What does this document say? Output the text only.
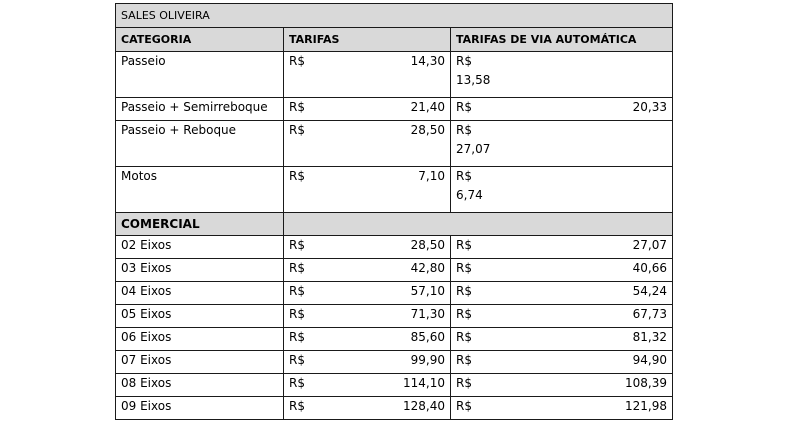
SALES OLIVEIRA		
CATEGORIA	TARIFAS	TARIFAS DE VIA AUTOMÁTICA
Passeio	R$ 14,30	R$
13,58

Passeio + Semirreboque	R$ 21,40	R$ 20,33

Passeio + Reboque	R$ 28,50	R$
27,07

Motos	R$ 7,10	R$
6,74

COMERCIAL		
02 Eixos	R$ 28,50	R$ 27,07

03 Eixos	R$ 42,80	R$ 40,66

04 Eixos	R$ 57,10	R$ 54,24

05 Eixos	R$ 71,30	R$ 67,73

06 Eixos	R$ 85,60	R$ 81,32

07 Eixos	R$ 99,90	R$ 94,90

08 Eixos	R$ 114,10	R$ 108,39

09 Eixos	R$ 128,40	R$ 121,98
